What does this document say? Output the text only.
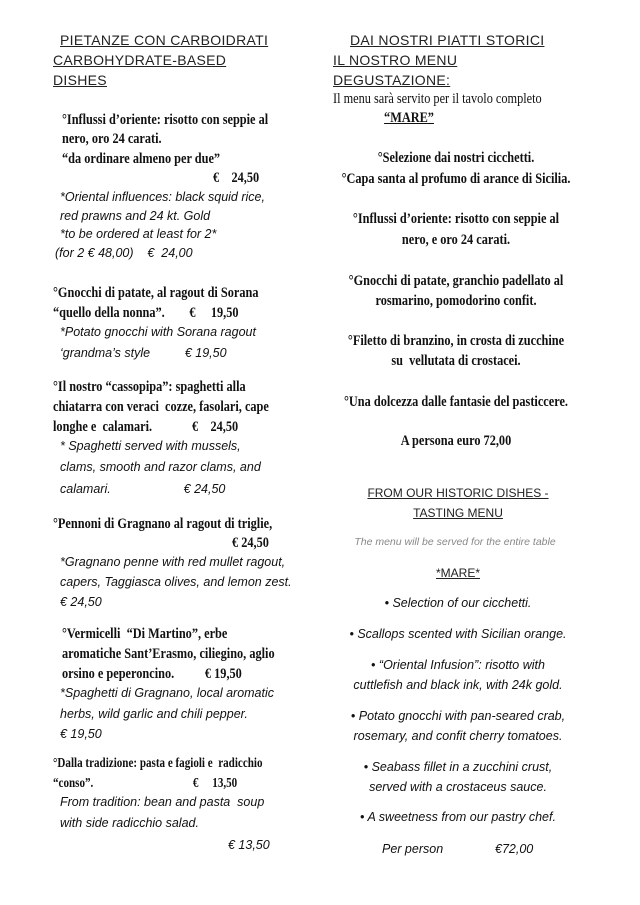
PIETANZE CON CARBOIDRATI
CARBOHYDRATE-BASED
DISHES
°Influssi d’oriente: risotto con seppie al
nero, oro 24 carati.
“da ordinare almeno per due”
€    24,50
*Oriental influences: black squid rice,
red prawns and 24 kt. Gold
*to be ordered at least for 2*
(for 2 € 48,00)    €  24,00
°Gnocchi di patate, al ragout di Sorana
“quello della nonna”.        €     19,50
*Potato gnocchi with Sorana ragout
‘grandma’s style          € 19,50
°Il nostro “cassopipa”: spaghetti alla
chiatarra con veraci  cozze, fasolari, cape
longhe e  calamari.             €    24,50
* Spaghetti served with mussels,
clams, smooth and razor clams, and
calamari.                     € 24,50
°Pennoni di Gragnano al ragout di triglie,
€ 24,50
*Gragnano penne with red mullet ragout,
capers, Taggiasca olives, and lemon zest.
€ 24,50
°Vermicelli  “Di Martino”, erbe
aromatiche Sant’Erasmo, ciliegino, aglio
orsino e peperoncino.          € 19,50
*Spaghetti di Gragnano, local aromatic
herbs, wild garlic and chili pepper.
€ 19,50
°Dalla tradizione: pasta e fagioli e  radicchio
“conso”.                                    €     13,50
From tradition: bean and pasta  soup
with side radicchio salad.
€ 13,50
DAI NOSTRI PIATTI STORICI
IL NOSTRO MENU
DEGUSTAZIONE:
Il menu sarà servito per il tavolo completo
“MARE”
°Selezione dai nostri cicchetti.
°Capa santa al profumo di arance di Sicilia.
°Influssi d’oriente: risotto con seppie al
nero, e oro 24 carati.
°Gnocchi di patate, granchio padellato al
rosmarino, pomodorino confit.
°Filetto di branzino, in crosta di zucchine
su  vellutata di crostacei.
°Una dolcezza dalle fantasie del pasticcere.
A persona euro 72,00
FROM OUR HISTORIC DISHES -
TASTING MENU
The menu will be served for the entire table
*MARE*
• Selection of our cicchetti.
• Scallops scented with Sicilian orange.
• “Oriental Infusion”: risotto with
cuttlefish and black ink, with 24k gold.
• Potato gnocchi with pan-seared crab,
rosemary, and confit cherry tomatoes.
• Seabass fillet in a zucchini crust,
served with a crostaceus sauce.
• A sweetness from our pastry chef.
Per person	€72,00
